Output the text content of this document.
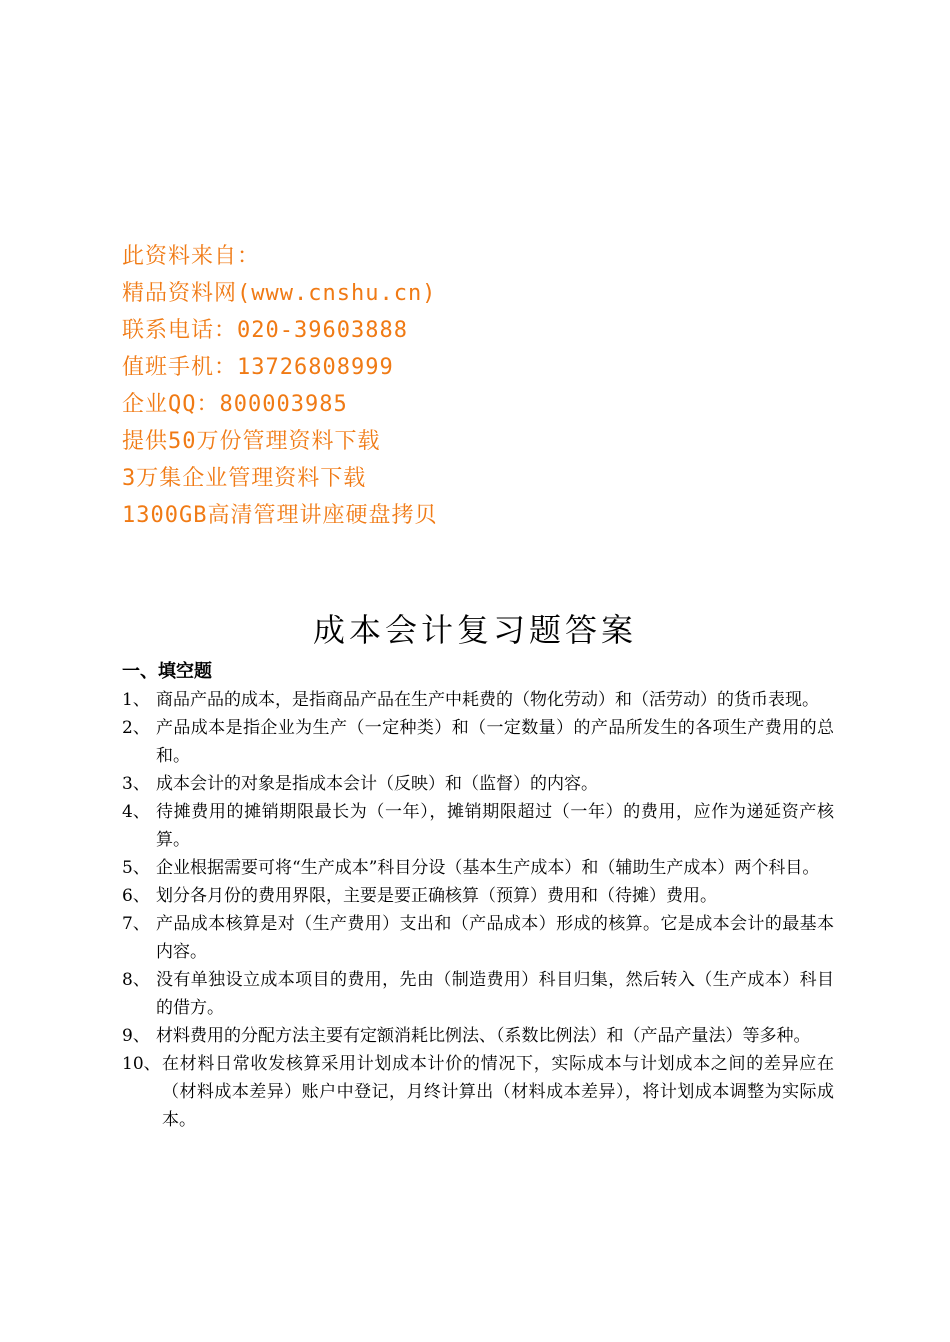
此资料来自：
精品资料网(www.cnshu.cn)
联系电话：020-39603888
值班手机：13726808999
企业QQ：800003985
提供50万份管理资料下载
3万集企业管理资料下载
1300GB高清管理讲座硬盘拷贝
成本会计复习题答案
一、填空题
1、 商品产品的成本，是指商品产品在生产中耗费的（物化劳动）和（活劳动）的货币表现。
2、 产品成本是指企业为生产（一定种类）和（一定数量）的产品所发生的各项生产费用的总和。
3、 成本会计的对象是指成本会计（反映）和（监督）的内容。
4、 待摊费用的摊销期限最长为（一年），摊销期限超过（一年）的费用，应作为递延资产核算。
5、 企业根据需要可将“生产成本”科目分设（基本生产成本）和（辅助生产成本）两个科目。
6、 划分各月份的费用界限，主要是要正确核算（预算）费用和（待摊）费用。
7、 产品成本核算是对（生产费用）支出和（产品成本）形成的核算。它是成本会计的最基本内容。
8、 没有单独设立成本项目的费用，先由（制造费用）科目归集，然后转入（生产成本）科目的借方。
9、 材料费用的分配方法主要有定额消耗比例法、（系数比例法）和（产品产量法）等多种。
10、 在材料日常收发核算采用计划成本计价的情况下，实际成本与计划成本之间的差异应在（材料成本差异）账户中登记，月终计算出（材料成本差异），将计划成本调整为实际成本。
